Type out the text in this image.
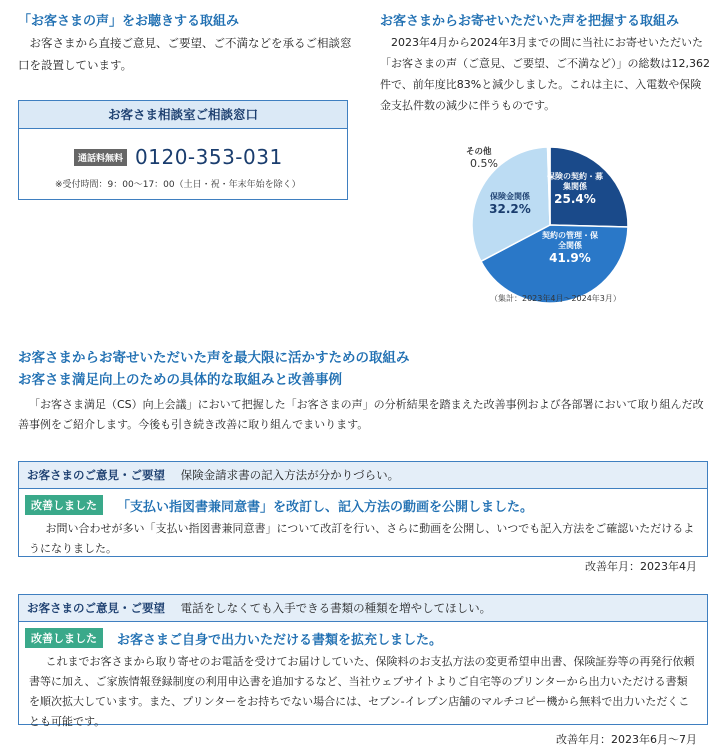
「お客さまの声」をお聴きする取組み
お客さまから直接ご意見、ご要望、ご不満などを承るご相談窓口を設置しています。
お客さま相談室ご相談窓口
通話料無料 0120-353-031
※受付時間：9：00〜17：00（土日・祝・年末年始を除く）
お客さまからお寄せいただいた声を把握する取組み
2023年4月から2024年3月までの間に当社にお寄せいただいた「お客さまの声（ご意見、ご要望、ご不満など）」の総数は12,362件で、前年度比83%と減少しました。これは主に、入電数や保険金支払件数の減少に伴うものです。
その他
0.5%
保険の契約・募集関係
25.4%
契約の管理・保全関係
41.9%
保険金関係
32.2%
（集計：2023年4月〜2024年3月）
お客さまからお寄せいただいた声を最大限に活かすための取組み
お客さま満足向上のための具体的な取組みと改善事例
「お客さま満足（CS）向上会議」において把握した「お客さまの声」の分析結果を踏まえた改善事例および各部署において取り組んだ改善事例をご紹介します。今後も引き続き改善に取り組んでまいります。
お客さまのご意見・ご要望 保険金請求書の記入方法が分かりづらい。
改善しました	「支払い指図書兼同意書」を改訂し、記入方法の動画を公開しました。
お問い合わせが多い「支払い指図書兼同意書」について改訂を行い、さらに動画を公開し、いつでも記入方法をご確認いただけるようになりました。
改善年月：2023年4月
お客さまのご意見・ご要望 電話をしなくても入手できる書類の種類を増やしてほしい。
改善しました	お客さまご自身で出力いただける書類を拡充しました。
これまでお客さまから取り寄せのお電話を受けてお届けしていた、保険料のお支払方法の変更希望申出書、保険証券等の再発行依頼書等に加え、ご家族情報登録制度の利用申込書を追加するなど、当社ウェブサイトよりご自宅等のプリンターから出力いただける書類を順次拡大しています。また、プリンターをお持ちでない場合には、セブン-イレブン店舗のマルチコピー機から無料で出力いただくことも可能です。
改善年月：2023年6月〜7月
